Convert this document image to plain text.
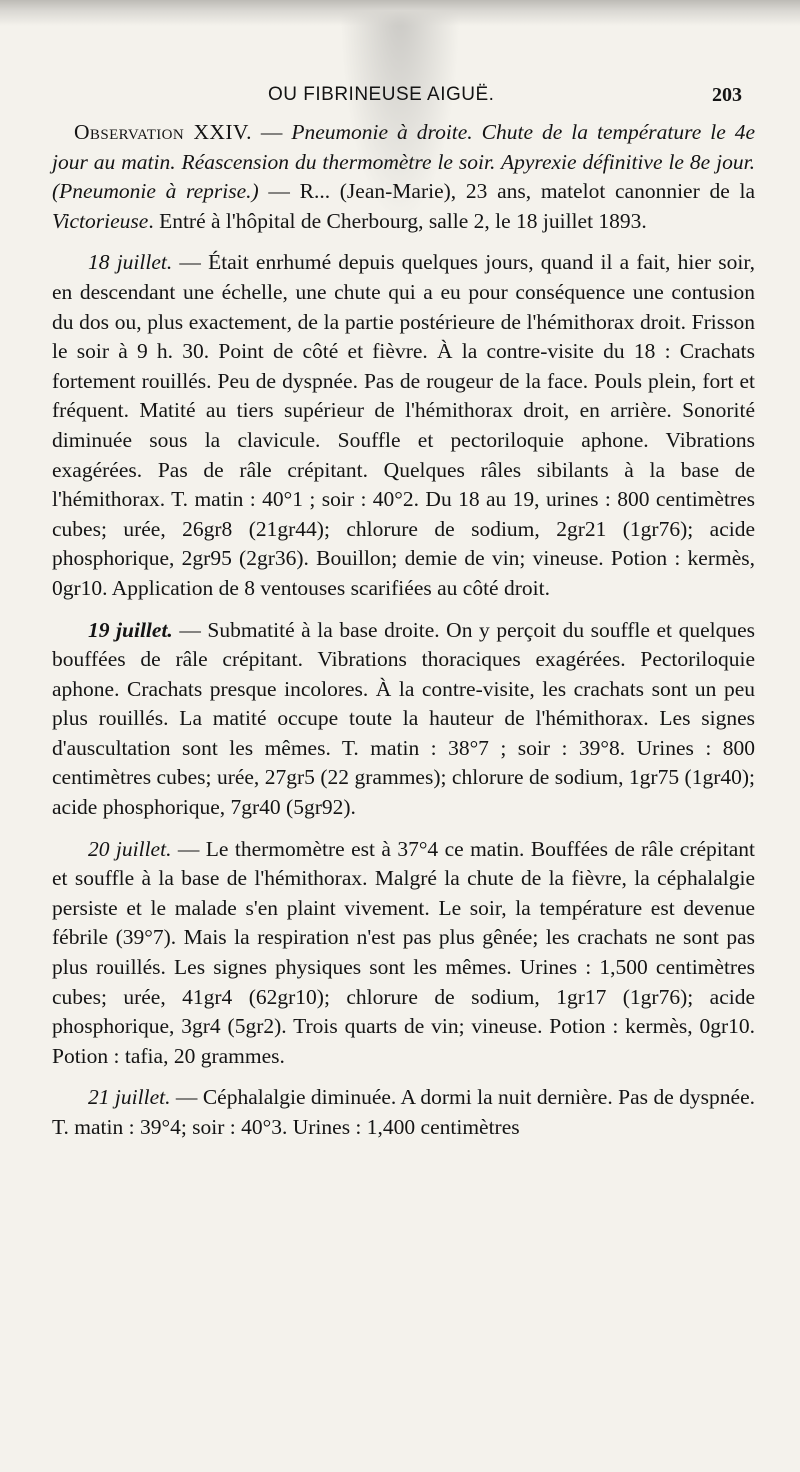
OU FIBRINEUSE AIGUË.	203

Observation XXIV. — Pneumonie à droite. Chute de la température le 4e jour au matin. Réascension du thermomètre le soir. Apyrexie définitive le 8e jour. (Pneumonie à reprise.) — R... (Jean-Marie), 23 ans, matelot canonnier de la Victorieuse. Entré à l'hôpital de Cherbourg, salle 2, le 18 juillet 1893.

18 juillet. — Était enrhumé depuis quelques jours, quand il a fait, hier soir, en descendant une échelle, une chute qui a eu pour conséquence une contusion du dos ou, plus exactement, de la partie postérieure de l'hémithorax droit. Frisson le soir à 9 h. 30. Point de côté et fièvre. À la contre-visite du 18 : Crachats fortement rouillés. Peu de dyspnée. Pas de rougeur de la face. Pouls plein, fort et fréquent. Matité au tiers supérieur de l'hémithorax droit, en arrière. Sonorité diminuée sous la clavicule. Souffle et pectoriloquie aphone. Vibrations exagérées. Pas de râle crépitant. Quelques râles sibilants à la base de l'hémithorax. T. matin : 40°1 ; soir : 40°2. Du 18 au 19, urines : 800 centimètres cubes; urée, 26gr8 (21gr44); chlorure de sodium, 2gr21 (1gr76); acide phosphorique, 2gr95 (2gr36). Bouillon; demie de vin; vineuse. Potion : kermès, 0gr10. Application de 8 ventouses scarifiées au côté droit.

19 juillet. — Submatité à la base droite. On y perçoit du souffle et quelques bouffées de râle crépitant. Vibrations thoraciques exagérées. Pectoriloquie aphone. Crachats presque incolores. À la contre-visite, les crachats sont un peu plus rouillés. La matité occupe toute la hauteur de l'hémithorax. Les signes d'auscultation sont les mêmes. T. matin : 38°7 ; soir : 39°8. Urines : 800 centimètres cubes; urée, 27gr5 (22 grammes); chlorure de sodium, 1gr75 (1gr40); acide phosphorique, 7gr40 (5gr92).

20 juillet. — Le thermomètre est à 37°4 ce matin. Bouffées de râle crépitant et souffle à la base de l'hémithorax. Malgré la chute de la fièvre, la céphalalgie persiste et le malade s'en plaint vivement. Le soir, la température est devenue fébrile (39°7). Mais la respiration n'est pas plus gênée; les crachats ne sont pas plus rouillés. Les signes physiques sont les mêmes. Urines : 1,500 centimètres cubes; urée, 41gr4 (62gr10); chlorure de sodium, 1gr17 (1gr76); acide phosphorique, 3gr4 (5gr2). Trois quarts de vin; vineuse. Potion : kermès, 0gr10. Potion : tafia, 20 grammes.

21 juillet. — Céphalalgie diminuée. A dormi la nuit dernière. Pas de dyspnée. T. matin : 39°4; soir : 40°3. Urines : 1,400 centimètres
